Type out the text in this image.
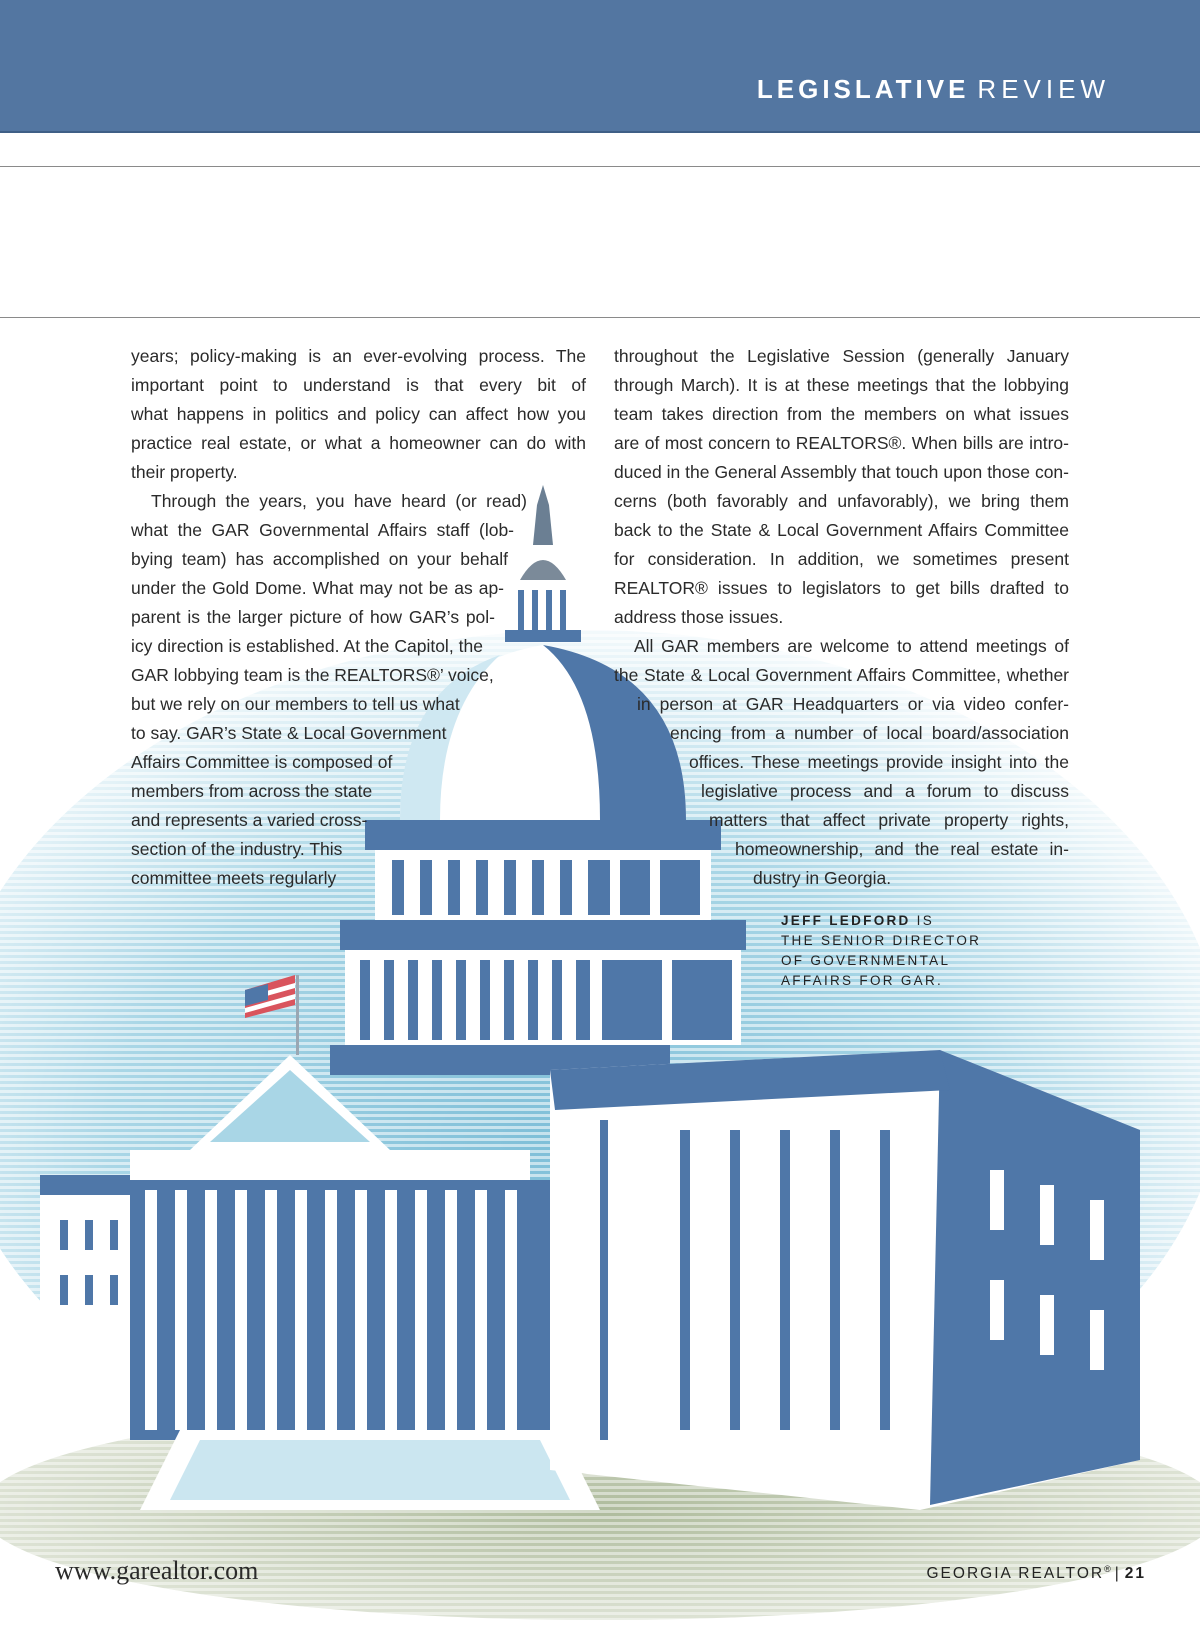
LEGISLATIVE REVIEW
years; policy-making is an ever-evolving process. The
important point to understand is that every bit of
what happens in politics and policy can affect how you
practice real estate, or what a homeowner can do with
their property.
Through the years, you have heard (or read)
what the GAR Governmental Affairs staff (lob-
bying team) has accomplished on your behalf
under the Gold Dome. What may not be as ap-
parent is the larger picture of how GAR’s pol-
icy direction is established. At the Capitol, the
GAR lobbying team is the REALTORS®’ voice,
but we rely on our members to tell us what
to say. GAR’s State & Local Government
Affairs Committee is composed of
members from across the state
and represents a varied cross-
section of the industry. This
committee meets regularly
throughout the Legislative Session (generally January
through March). It is at these meetings that the lobbying
team takes direction from the members on what issues
are of most concern to REALTORS®. When bills are intro-
duced in the General Assembly that touch upon those con-
cerns (both favorably and unfavorably), we bring them
back to the State & Local Government Affairs Committee
for consideration. In addition, we sometimes present
REALTOR® issues to legislators to get bills drafted to
address those issues.
All GAR members are welcome to attend meetings of
the State & Local Government Affairs Committee, whether
in person at GAR Headquarters or via video confer-
encing from a number of local board/association
offices. These meetings provide insight into the
legislative process and a forum to discuss
matters that affect private property rights,
homeownership, and the real estate in-
dustry in Georgia.
JEFF LEDFORD IS
THE SENIOR DIRECTOR
OF GOVERNMENTAL
AFFAIRS FOR GAR.
www.garealtor.com	GEORGIA REALTOR® | 21
